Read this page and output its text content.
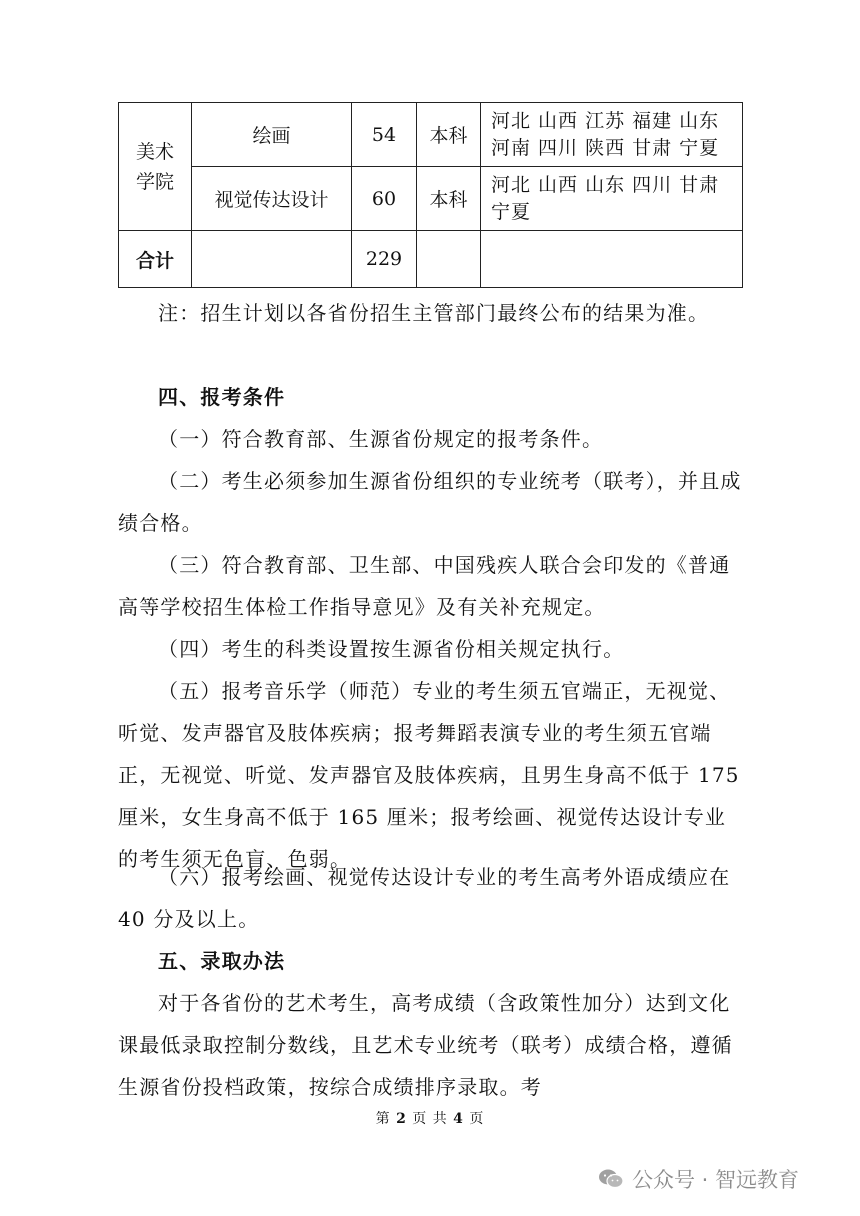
美术
学院	绘画	54	本科	河北 山西 江苏 福建 山东
河南 四川 陕西 甘肃 宁夏

	视觉传达设计	60	本科	河北 山西 山东 四川 甘肃
宁夏

合计		229		

注：招生计划以各省份招生主管部门最终公布的结果为准。

四、报考条件

（一）符合教育部、生源省份规定的报考条件。

（二）考生必须参加生源省份组织的专业统考（联考），并且成绩合格。

（三）符合教育部、卫生部、中国残疾人联合会印发的《普通高等学校招生体检工作指导意见》及有关补充规定。

（四）考生的科类设置按生源省份相关规定执行。

（五）报考音乐学（师范）专业的考生须五官端正，无视觉、听觉、发声器官及肢体疾病；报考舞蹈表演专业的考生须五官端正，无视觉、听觉、发声器官及肢体疾病，且男生身高不低于 175 厘米，女生身高不低于 165 厘米；报考绘画、视觉传达设计专业的考生须无色盲、色弱。

（六）报考绘画、视觉传达设计专业的考生高考外语成绩应在 40 分及以上。

五、录取办法

对于各省份的艺术考生，高考成绩（含政策性加分）达到文化课最低录取控制分数线，且艺术专业统考（联考）成绩合格，遵循生源省份投档政策，按综合成绩排序录取。考

第 2 页 共 4 页
公众号 · 智远教育
